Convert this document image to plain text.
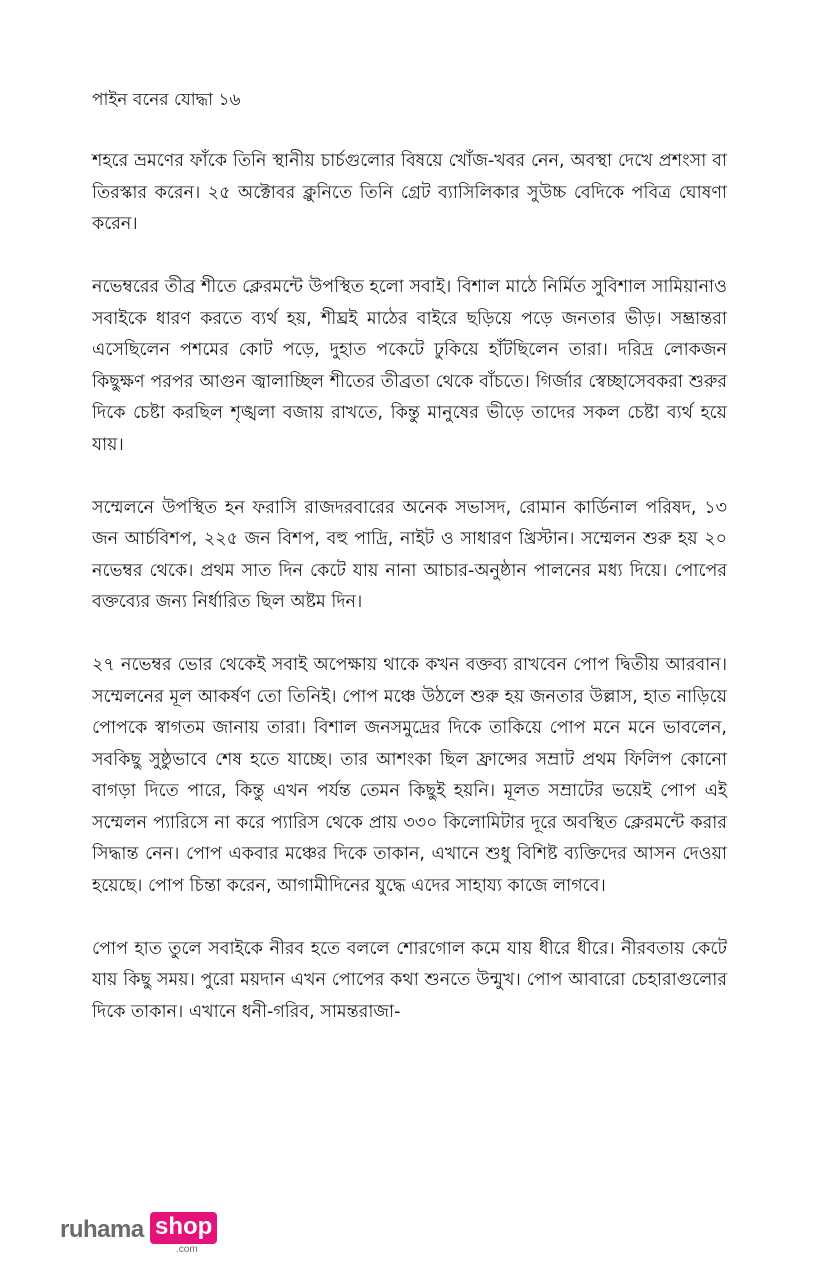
পাইন বনের যোদ্ধা ১৬

শহরে ভ্রমণের ফাঁকে তিনি স্থানীয় চার্চগুলোর বিষয়ে খোঁজ-খবর নেন, অবস্থা দেখে প্রশংসা বা তিরস্কার করেন। ২৫ অক্টোবর ক্লুনিতে তিনি গ্রেট ব্যাসিলিকার সুউচ্চ বেদিকে পবিত্র ঘোষণা করেন।

নভেম্বরের তীব্র শীতে ক্লেরমন্টে উপস্থিত হলো সবাই। বিশাল মাঠে নির্মিত সুবিশাল সামিয়ানাও সবাইকে ধারণ করতে ব্যর্থ হয়, শীঘ্রই মাঠের বাইরে ছড়িয়ে পড়ে জনতার ভীড়। সম্ভ্রান্তরা এসেছিলেন পশমের কোট পড়ে, দুহাত পকেটে ঢুকিয়ে হাঁটছিলেন তারা। দরিদ্র লোকজন কিছুক্ষণ পরপর আগুন জ্বালাচ্ছিল শীতের তীব্রতা থেকে বাঁচতে। গির্জার স্বেচ্ছাসেবকরা শুরুর দিকে চেষ্টা করছিল শৃঙ্খলা বজায় রাখতে, কিন্তু মানুষের ভীড়ে তাদের সকল চেষ্টা ব্যর্থ হয়ে যায়।

সম্মেলনে উপস্থিত হন ফরাসি রাজদরবারের অনেক সভাসদ, রোমান কার্ডিনাল পরিষদ, ১৩ জন আর্চবিশপ, ২২৫ জন বিশপ, বহু পাদ্রি, নাইট ও সাধারণ খ্রিস্টান। সম্মেলন শুরু হয় ২০ নভেম্বর থেকে। প্রথম সাত দিন কেটে যায় নানা আচার-অনুষ্ঠান পালনের মধ্য দিয়ে। পোপের বক্তব্যের জন্য নির্ধারিত ছিল অষ্টম দিন।

২৭ নভেম্বর ভোর থেকেই সবাই অপেক্ষায় থাকে কখন বক্তব্য রাখবেন পোপ দ্বিতীয় আরবান। সম্মেলনের মূল আকর্ষণ তো তিনিই। পোপ মঞ্চে উঠলে শুরু হয় জনতার উল্লাস, হাত নাড়িয়ে পোপকে স্বাগতম জানায় তারা। বিশাল জনসমুদ্রের দিকে তাকিয়ে পোপ মনে মনে ভাবলেন, সবকিছু সুষ্ঠুভাবে শেষ হতে যাচ্ছে। তার আশংকা ছিল ফ্রান্সের সম্রাট প্রথম ফিলিপ কোনো বাগড়া দিতে পারে, কিন্তু এখন পর্যন্ত তেমন কিছুই হয়নি। মূলত সম্রাটের ভয়েই পোপ এই সম্মেলন প্যারিসে না করে প্যারিস থেকে প্রায় ৩৩০ কিলোমিটার দূরে অবস্থিত ক্লেরমন্টে করার সিদ্ধান্ত নেন। পোপ একবার মঞ্চের দিকে তাকান, এখানে শুধু বিশিষ্ট ব্যক্তিদের আসন দেওয়া হয়েছে। পোপ চিন্তা করেন, আগামীদিনের যুদ্ধে এদের সাহায্য কাজে লাগবে।

পোপ হাত তুলে সবাইকে নীরব হতে বললে শোরগোল কমে যায় ধীরে ধীরে। নীরবতায় কেটে যায় কিছু সময়। পুরো ময়দান এখন পোপের কথা শুনতে উন্মুখ। পোপ আবারো চেহারাগুলোর দিকে তাকান। এখানে ধনী-গরিব, সামন্তরাজা-

ruhama shop
.com
